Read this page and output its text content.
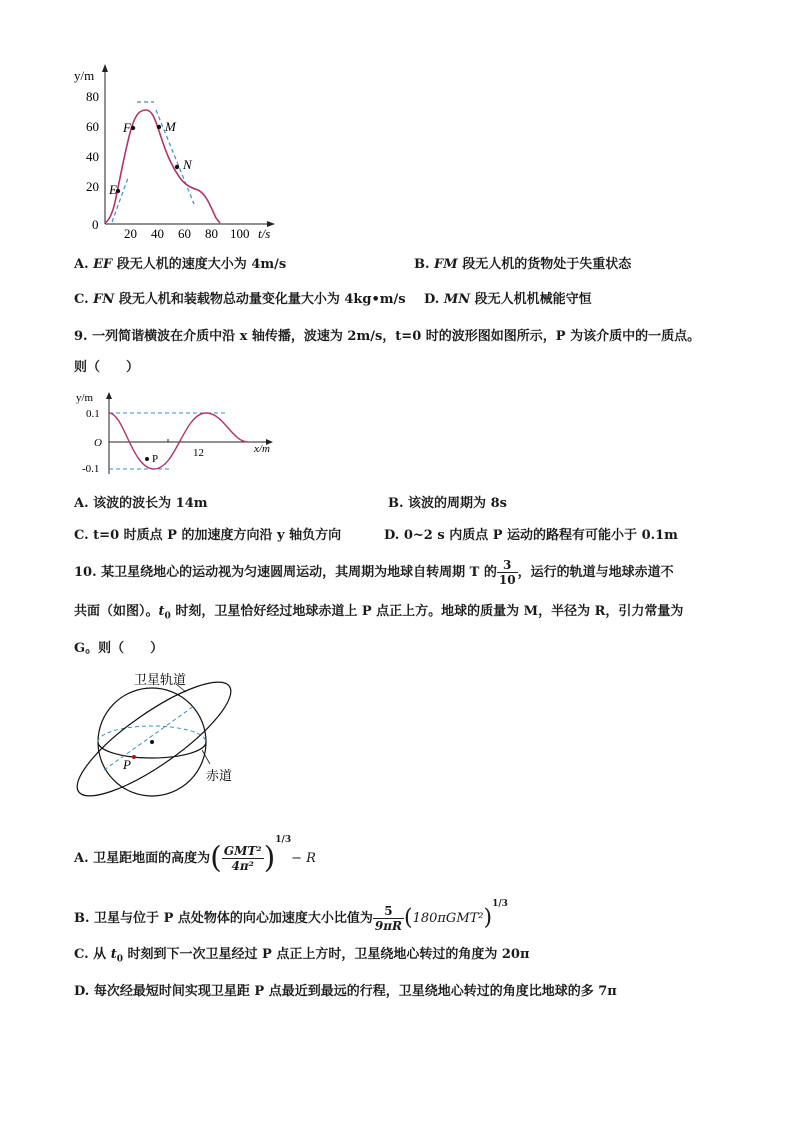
y/m
t/s
80
60
40
20
0
20 40 60 80 100
E
F	M
N
A. EF 段无人机的速度大小为 4m/s	B. FM 段无人机的货物处于失重状态
C. FN 段无人机和装载物总动量变化量大小为 4kg•m/s D. MN 段无人机机械能守恒
9. 一列简谐横波在介质中沿 x 轴传播，波速为 2m/s，t=0 时的波形图如图所示，P 为该介质中的一质点。
则（　　）
y/m
0.1
O
-0.1
x/m
12
P
A. 该波的波长为 14m	B. 该波的周期为 8s
C. t=0 时质点 P 的加速度方向沿 y 轴负方向	D. 0~2 s 内质点 P 运动的路程有可能小于 0.1m
10. 某卫星绕地心的运动视为匀速圆周运动，其周期为地球自转周期 T 的 $\frac{3}{10}$ ，运行的轨道与地球赤道不
共面（如图）。$t_0$ 时刻，卫星恰好经过地球赤道上 P 点正上方。地球的质量为 M，半径为 R，引力常量为
G。则（　　）
P
卫星轨道
赤道
A. 卫星距地面的高度为( $\frac{\text{GMT²}}{\text{4π²}} )^{1/3}- R$
B. 卫星与位于 P 点处物体的向心加速度大小比值为 $\frac{5}{9\pi R} (180\pi GMT^2)^{1/3}$
C. 从 $t_0$ 时刻到下一次卫星经过 P 点正上方时，卫星绕地心转过的角度为 20π
D. 每次经最短时间实现卫星距 P 点最近到最远的行程，卫星绕地心转过的角度比地球的多 7π
